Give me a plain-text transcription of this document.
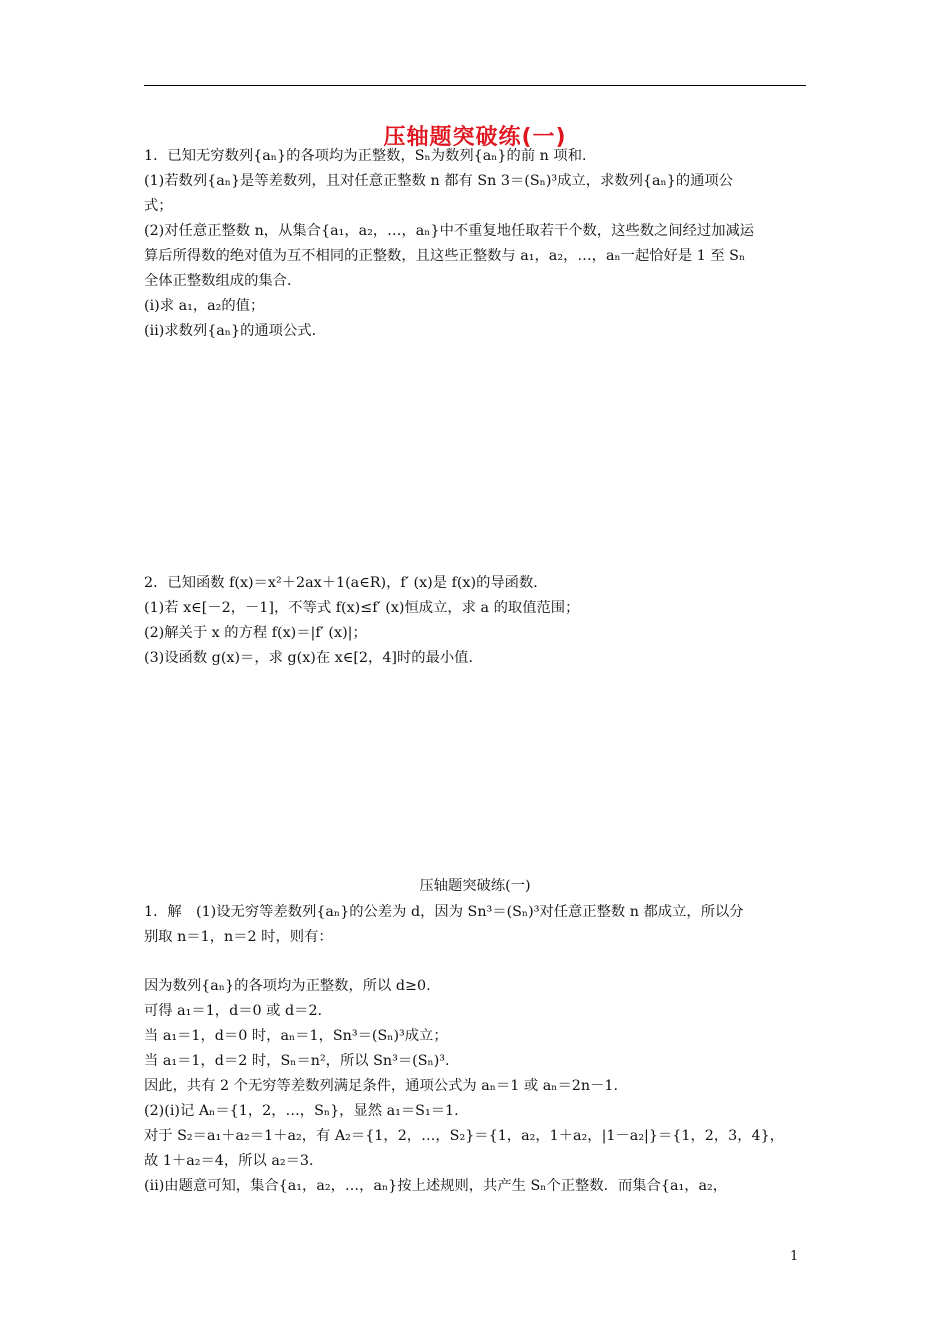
压轴题突破练(一)
1．已知无穷数列{aₙ}的各项均为正整数，Sₙ为数列{aₙ}的前 n 项和．
(1)若数列{aₙ}是等差数列，且对任意正整数 n 都有 Sn 3＝(Sₙ)³成立，求数列{aₙ}的通项公
式；
(2)对任意正整数 n，从集合{a₁，a₂，…，aₙ}中不重复地任取若干个数，这些数之间经过加减运
算后所得数的绝对值为互不相同的正整数，且这些正整数与 a₁，a₂，…，aₙ一起恰好是 1 至 Sₙ
全体正整数组成的集合．
(ⅰ)求 a₁，a₂的值；
(ⅱ)求数列{aₙ}的通项公式．
2．已知函数 f(x)＝x²＋2ax＋1(a∈R)，f′ (x)是 f(x)的导函数．
(1)若 x∈[－2，－1]，不等式 f(x)≤f′ (x)恒成立，求 a 的取值范围；
(2)解关于 x 的方程 f(x)＝|f′ (x)|；
(3)设函数 g(x)＝，求 g(x)在 x∈[2，4]时的最小值．
压轴题突破练(一)
1．解　(1)设无穷等差数列{aₙ}的公差为 d，因为 Sn³＝(Sₙ)³对任意正整数 n 都成立，所以分
别取 n＝1，n＝2 时，则有：
因为数列{aₙ}的各项均为正整数，所以 d≥0.
可得 a₁＝1，d＝0 或 d＝2.
当 a₁＝1，d＝0 时，aₙ＝1，Sn³＝(Sₙ)³成立；
当 a₁＝1，d＝2 时，Sₙ＝n²，所以 Sn³＝(Sₙ)³.
因此，共有 2 个无穷等差数列满足条件，通项公式为 aₙ＝1 或 aₙ＝2n－1.
(2)(ⅰ)记 Aₙ＝{1，2，…，Sₙ}，显然 a₁＝S₁＝1.
对于 S₂＝a₁＋a₂＝1＋a₂，有 A₂＝{1，2，…，S₂}＝{1，a₂，1＋a₂，|1－a₂|}＝{1，2，3，4}，
故 1＋a₂＝4，所以 a₂＝3.
(ⅱ)由题意可知，集合{a₁，a₂，…，aₙ}按上述规则，共产生 Sₙ个正整数．而集合{a₁，a₂，
1
